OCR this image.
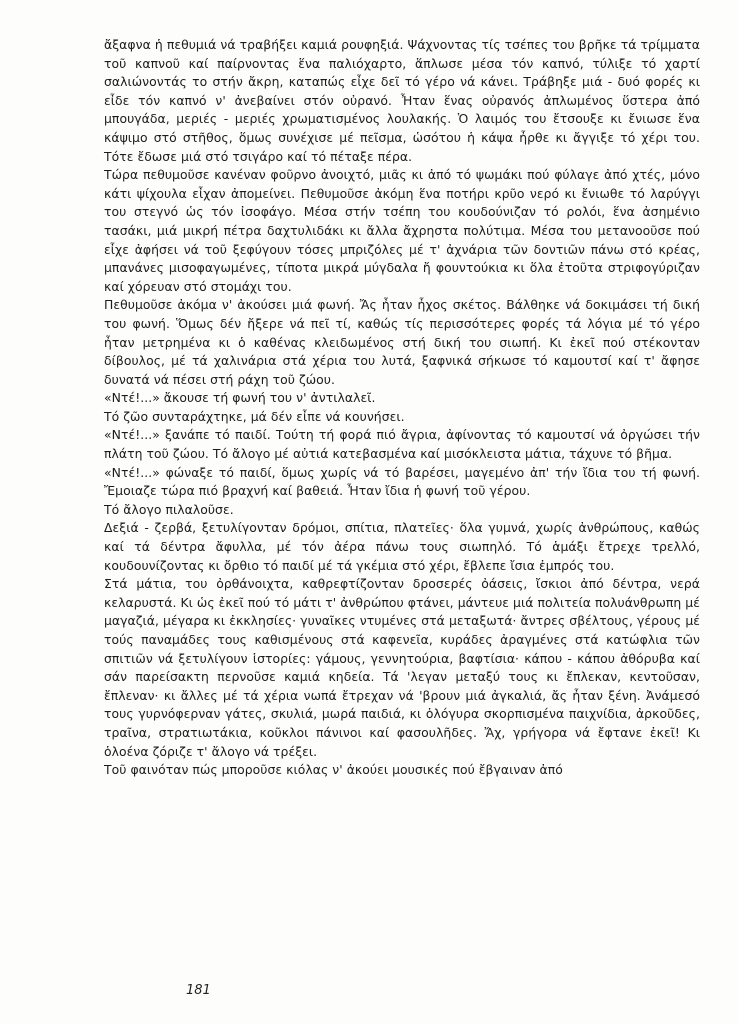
ἄξαφνα ἡ πεθυμιά νά τραβήξει καμιά ρουφηξιά. Ψάχνοντας τίς τσέπες του βρῆκε τά τρίμματα τοῦ καπνοῦ καί παίρνοντας ἕνα παλιόχαρτο, ἅπλωσε μέσα τόν καπνό, τύλιξε τό χαρτί σαλιώνοντάς το στήν ἄκρη, καταπώς εἶχε δεῖ τό γέρο νά κάνει. Τράβηξε μιά - δυό φορές κι εἶδε τόν καπνό ν' ἀνεβαίνει στόν οὐρανό. Ἦταν ἕνας οὐρανός ἀπλωμένος ὕστερα ἀπό μπουγάδα, μεριές - μεριές χρωματισμένος λουλακής. Ὁ λαιμός του ἔτσουξε κι ἔνιωσε ἕνα κάψιμο στό στῆθος, ὅμως συνέχισε μέ πεῖσμα, ὡσότου ἡ κάψα ἦρθε κι ἄγγιξε τό χέρι του. Τότε ἔδωσε μιά στό τσιγάρο καί τό πέταξε πέρα.

Τώρα πεθυμοῦσε κανέναν φοῦρνο ἀνοιχτό, μιᾶς κι ἀπό τό ψωμάκι πού φύλαγε ἀπό χτές, μόνο κάτι ψίχουλα εἶχαν ἀπομείνει. Πεθυμοῦσε ἀκόμη ἕνα ποτήρι κρῦο νερό κι ἔνιωθε τό λαρύγγι του στεγνό ὡς τόν ἰσοφάγο. Μέσα στήν τσέπη του κουδούνιζαν τό ρολόι, ἕνα ἀσημένιο τασάκι, μιά μικρή πέτρα δαχτυλιδάκι κι ἄλλα ἄχρηστα πολύτιμα. Μέσα του μετανοοῦσε πού εἶχε ἀφήσει νά τοῦ ξεφύγουν τόσες μπριζόλες μέ τ' ἀχνάρια τῶν δοντιῶν πάνω στό κρέας, μπανάνες μισοφαγωμένες, τίποτα μικρά μύγδαλα ἤ φουντούκια κι ὅλα ἐτοῦτα στριφογύριζαν καί χόρευαν στό στομάχι του.

Πεθυμοῦσε ἀκόμα ν' ἀκούσει μιά φωνή. Ἄς ἦταν ἦχος σκέτος. Βάλθηκε νά δοκιμάσει τή δική του φωνή. Ὅμως δέν ἤξερε νά πεῖ τί, καθώς τίς περισσότερες φορές τά λόγια μέ τό γέρο ἦταν μετρημένα κι ὁ καθένας κλειδωμένος στή δική του σιωπή. Κι ἐκεῖ πού στέκονταν δίβουλος, μέ τά χαλινάρια στά χέρια του λυτά, ξαφνικά σήκωσε τό καμουτσί καί τ' ἄφησε δυνατά νά πέσει στή ράχη τοῦ ζώου.

«Ντέ!...» ἄκουσε τή φωνή του ν' ἀντιλαλεῖ.

Τό ζῶο συνταράχτηκε, μά δέν εἶπε νά κουνήσει.

«Ντέ!...» ξανάπε τό παιδί. Τούτη τή φορά πιό ἄγρια, ἀφίνοντας τό καμουτσί νά ὀργώσει τήν πλάτη τοῦ ζώου. Τό ἄλογο μέ αὐτιά κατεβασμένα καί μισόκλειστα μάτια, τάχυνε τό βῆμα.

«Ντέ!...» φώναξε τό παιδί, ὅμως χωρίς νά τό βαρέσει, μαγεμένο ἀπ' τήν ἴδια του τή φωνή. Ἔμοιαζε τώρα πιό βραχνή καί βαθειά. Ἦταν ἴδια ἡ φωνή τοῦ γέρου.

Τό ἄλογο πιλαλοῦσε.

Δεξιά - ζερβά, ξετυλίγονταν δρόμοι, σπίτια, πλατεῖες· ὅλα γυμνά, χωρίς ἀνθρώπους, καθώς καί τά δέντρα ἄφυλλα, μέ τόν ἀέρα πάνω τους σιωπηλό. Τό ἁμάξι ἔτρεχε τρελλό, κουδουνίζοντας κι ὄρθιο τό παιδί μέ τά γκέμια στό χέρι, ἔβλεπε ἴσια ἐμπρός του.

Στά μάτια, του ὀρθάνοιχτα, καθρεφτίζονταν δροσερές ὀάσεις, ἴσκιοι ἀπό δέντρα, νερά κελαρυστά. Κι ὡς ἐκεῖ πού τό μάτι τ' ἀνθρώπου φτάνει, μάντευε μιά πολιτεία πολυάνθρωπη μέ μαγαζιά, μέγαρα κι ἐκκλησίες· γυναῖκες ντυμένες στά μεταξωτά· ἄντρες σβέλτους, γέρους μέ τούς παναμάδες τους καθισμένους στά καφενεῖα, κυράδες ἀραγμένες στά κατώφλια τῶν σπιτιῶν νά ξετυλίγουν ἱστορίες: γάμους, γεννητούρια, βαφτίσια· κάπου - κάπου ἀθόρυβα καί σάν παρείσακτη περνοῦσε καμιά κηδεία. Τά 'λεγαν μεταξύ τους κι ἔπλεκαν, κεντοῦσαν, ἔπλεναν· κι ἄλλες μέ τά χέρια νωπά ἔτρεχαν νά 'βρουν μιά ἀγκαλιά, ἄς ἦταν ξένη. Ἀνάμεσό τους γυρνόφερναν γάτες, σκυλιά, μωρά παιδιά, κι ὁλόγυρα σκορπισμένα παιχνίδια, ἀρκοῦδες, τραῖνα, στρατιωτάκια, κοῦκλοι πάνινοι καί φασουλῆδες. Ἄχ, γρήγορα νά ἔφτανε ἐκεῖ! Κι ὁλοένα ζόριζε τ' ἄλογο νά τρέξει.

Τοῦ φαινόταν πώς μποροῦσε κιόλας ν' ἀκούει μουσικές πού ἔβγαιναν ἀπό

181
